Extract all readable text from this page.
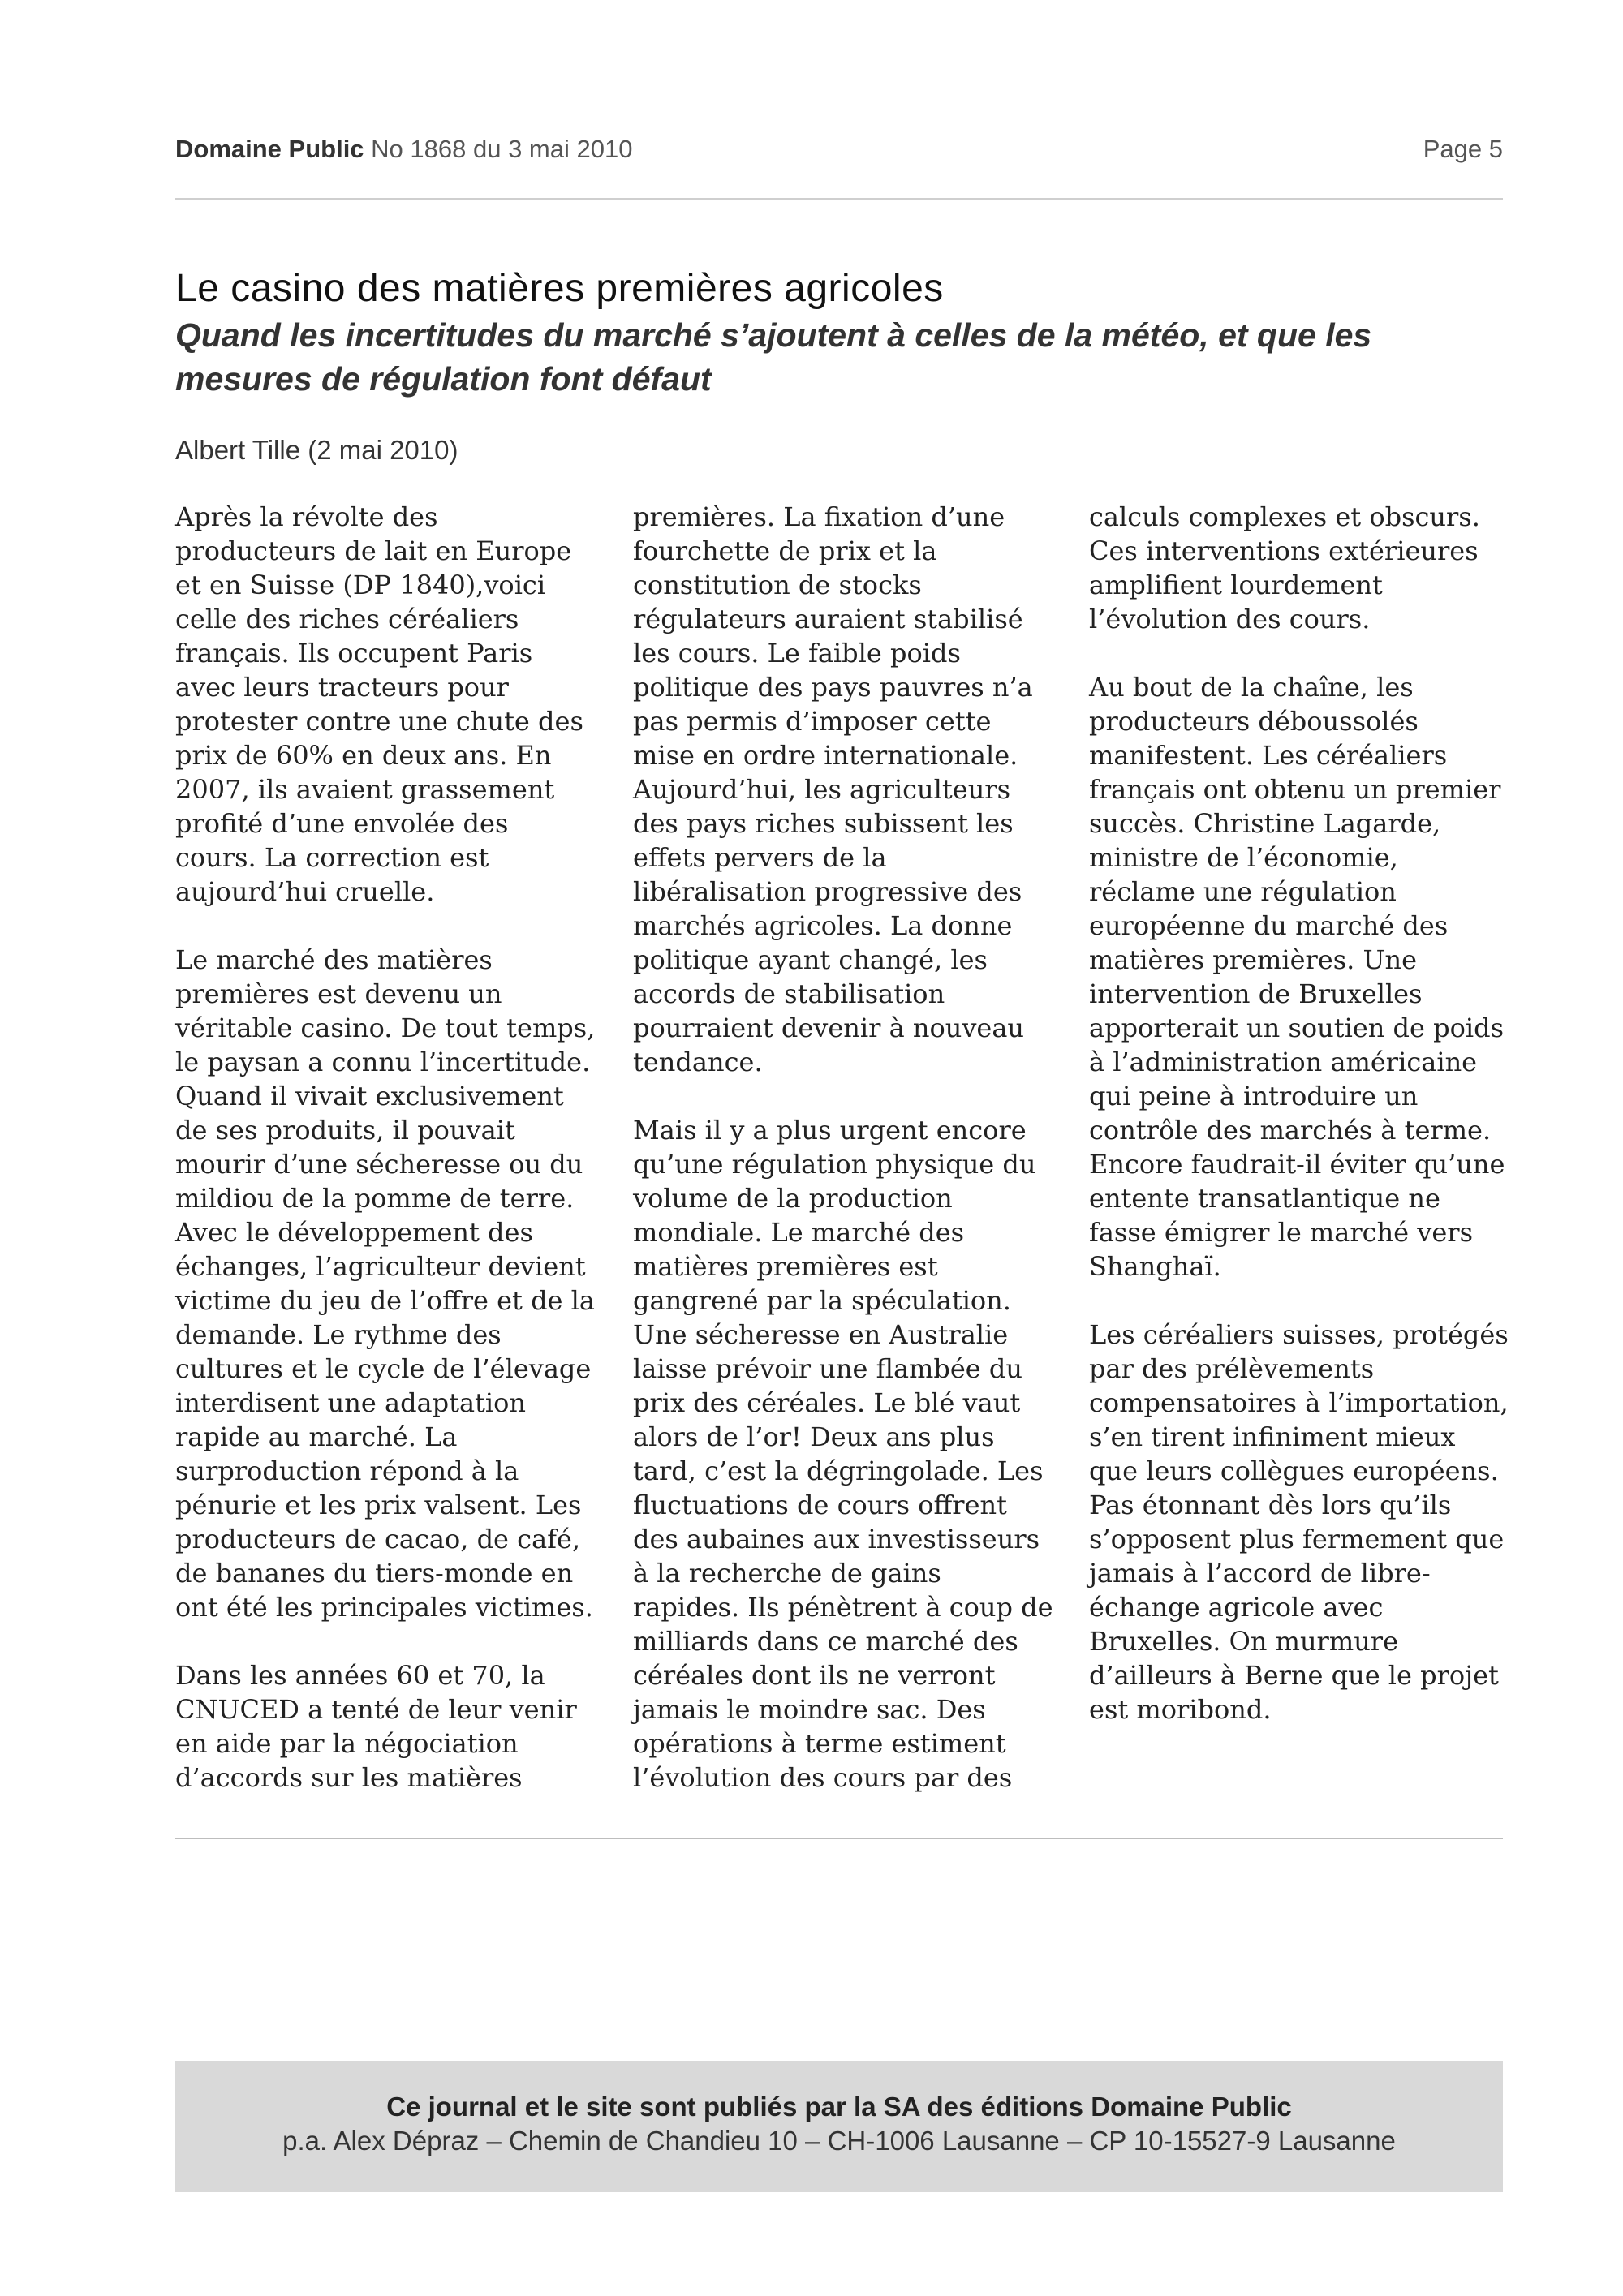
Domaine Public No 1868 du 3 mai 2010	Page 5
Le casino des matières premières agricoles
Quand les incertitudes du marché s’ajoutent à celles de la météo, et que les mesures de régulation font défaut
Albert Tille (2 mai 2010)

Après la révolte des producteurs de lait en Europe et en Suisse (DP 1840),voici celle des riches céréaliers français. Ils occupent Paris avec leurs tracteurs pour protester contre une chute des prix de 60% en deux ans. En 2007, ils avaient grassement profité d’une envolée des cours. La correction est aujourd’hui cruelle.

Le marché des matières premières est devenu un véritable casino. De tout temps, le paysan a connu l’incertitude. Quand il vivait exclusivement de ses produits, il pouvait mourir d’une sécheresse ou du mildiou de la pomme de terre. Avec le développement des échanges, l’agriculteur devient victime du jeu de l’offre et de la demande. Le rythme des cultures et le cycle de l’élevage interdisent une adaptation rapide au marché. La surproduction répond à la pénurie et les prix valsent. Les producteurs de cacao, de café, de bananes du tiers-monde en ont été les principales victimes.

Dans les années 60 et 70, la CNUCED a tenté de leur venir en aide par la négociation d’accords sur les matières

premières. La fixation d’une fourchette de prix et la constitution de stocks régulateurs auraient stabilisé les cours. Le faible poids politique des pays pauvres n’a pas permis d’imposer cette mise en ordre internationale. Aujourd’hui, les agriculteurs des pays riches subissent les effets pervers de la libéralisation progressive des marchés agricoles. La donne politique ayant changé, les accords de stabilisation pourraient devenir à nouveau tendance.

Mais il y a plus urgent encore qu’une régulation physique du volume de la production mondiale. Le marché des matières premières est gangrené par la spéculation. Une sécheresse en Australie laisse prévoir une flambée du prix des céréales. Le blé vaut alors de l’or! Deux ans plus tard, c’est la dégringolade. Les fluctuations de cours offrent des aubaines aux investisseurs à la recherche de gains rapides. Ils pénètrent à coup de milliards dans ce marché des céréales dont ils ne verront jamais le moindre sac. Des opérations à terme estiment l’évolution des cours par des

calculs complexes et obscurs. Ces interventions extérieures amplifient lourdement l’évolution des cours.

Au bout de la chaîne, les producteurs déboussolés manifestent. Les céréaliers français ont obtenu un premier succès. Christine Lagarde, ministre de l’économie, réclame une régulation européenne du marché des matières premières. Une intervention de Bruxelles apporterait un soutien de poids à l’administration américaine qui peine à introduire un contrôle des marchés à terme. Encore faudrait-il éviter qu’une entente transatlantique ne fasse émigrer le marché vers Shanghaï.

Les céréaliers suisses, protégés par des prélèvements compensatoires à l’importation, s’en tirent infiniment mieux que leurs collègues européens. Pas étonnant dès lors qu’ils s’opposent plus fermement que jamais à l’accord de libre-échange agricole avec Bruxelles. On murmure d’ailleurs à Berne que le projet est moribond.

Ce journal et le site sont publiés par la SA des éditions Domaine Public
p.a. Alex Dépraz – Chemin de Chandieu 10 – CH-1006 Lausanne – CP 10-15527-9 Lausanne
